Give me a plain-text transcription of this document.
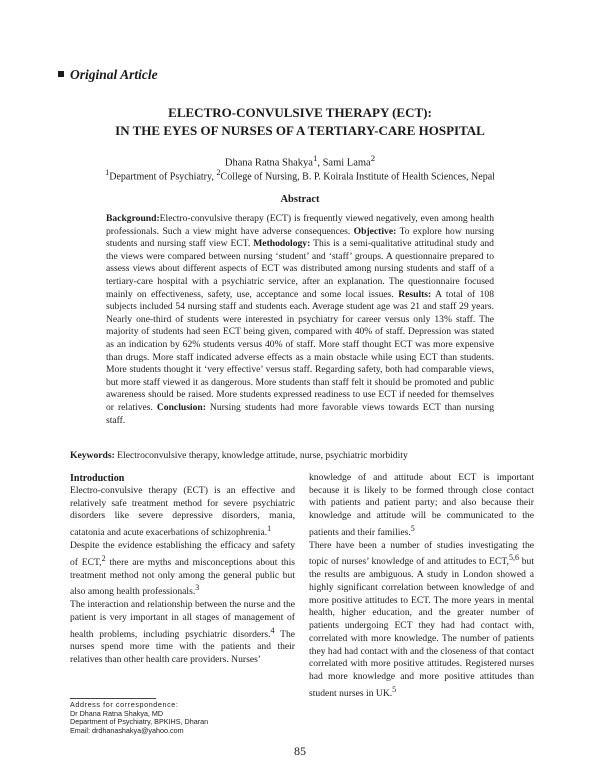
Original Article
ELECTRO-CONVULSIVE THERAPY (ECT):
IN THE EYES OF NURSES OF A TERTIARY-CARE HOSPITAL
Dhana Ratna Shakya$^1$, Sami Lama$^2$
$^1$Department of Psychiatry, $^2$College of Nursing, B. P. Koirala Institute of Health Sciences, Nepal
Abstract
Background:Electro-convulsive therapy (ECT) is frequently viewed negatively, even among health professionals. Such a view might have adverse consequences. Objective: To explore how nursing students and nursing staff view ECT. Methodology: This is a semi-qualitative attitudinal study and the views were compared between nursing ‘student’ and ‘staff’ groups. A questionnaire prepared to assess views about different aspects of ECT was distributed among nursing students and staff of a tertiary-care hospital with a psychiatric service, after an explanation. The questionnaire focused mainly on effectiveness, safety, use, acceptance and some local issues. Results: A total of 108 subjects included 54 nursing staff and students each. Average student age was 21 and staff 29 years. Nearly one-third of students were interested in psychiatry for career versus only 13% staff. The majority of students had seen ECT being given, compared with 40% of staff. Depression was stated as an indication by 62% students versus 40% of staff. More staff thought ECT was more expensive than drugs. More staff indicated adverse effects as a main obstacle while using ECT than students. More students thought it ‘very effective’ versus staff. Regarding safety, both had comparable views, but more staff viewed it as dangerous. More students than staff felt it should be promoted and public awareness should be raised. More students expressed readiness to use ECT if needed for themselves or relatives. Conclusion: Nursing students had more favorable views towards ECT than nursing staff.
Keywords: Electroconvulsive therapy, knowledge attitude, nurse, psychiatric morbidity
Introduction

Electro-convulsive therapy (ECT) is an effective and relatively safe treatment method for severe psychiatric disorders like severe depressive disorders, mania, catatonia and acute exacerbations of schizophrenia.$^1$

Despite the evidence establishing the efficacy and safety of ECT,$^2$ there are myths and misconceptions about this treatment method not only among the general public but also among health professionals.$^3$

The interaction and relationship between the nurse and the patient is very important in all stages of management of health problems, including psychiatric disorders.$^4$ The nurses spend more time with the patients and their relatives than other health care providers. Nurses’

knowledge of and attitude about ECT is important because it is likely to be formed through close contact with patients and patient party; and also because their knowledge and attitude will be communicated to the patients and their families.$^5$

There have been a number of studies investigating the topic of nurses’ knowledge of and attitudes to ECT,$^{5,6}$ but the results are ambiguous. A study in London showed a highly significant correlation between knowledge of and more positive attitudes to ECT. The more years in mental health, higher education, and the greater number of patients undergoing ECT they had had contact with, correlated with more knowledge. The number of patients they had had contact with and the closeness of that contact correlated with more positive attitudes. Registered nurses had more knowledge and more positive attitudes than student nurses in UK.$^5$

Address for correspondence:
Dr Dhana Ratna Shakya, MD
Department of Psychiatry, BPKIHS, Dharan
Email: drdhanashakya@yahoo.com
85
